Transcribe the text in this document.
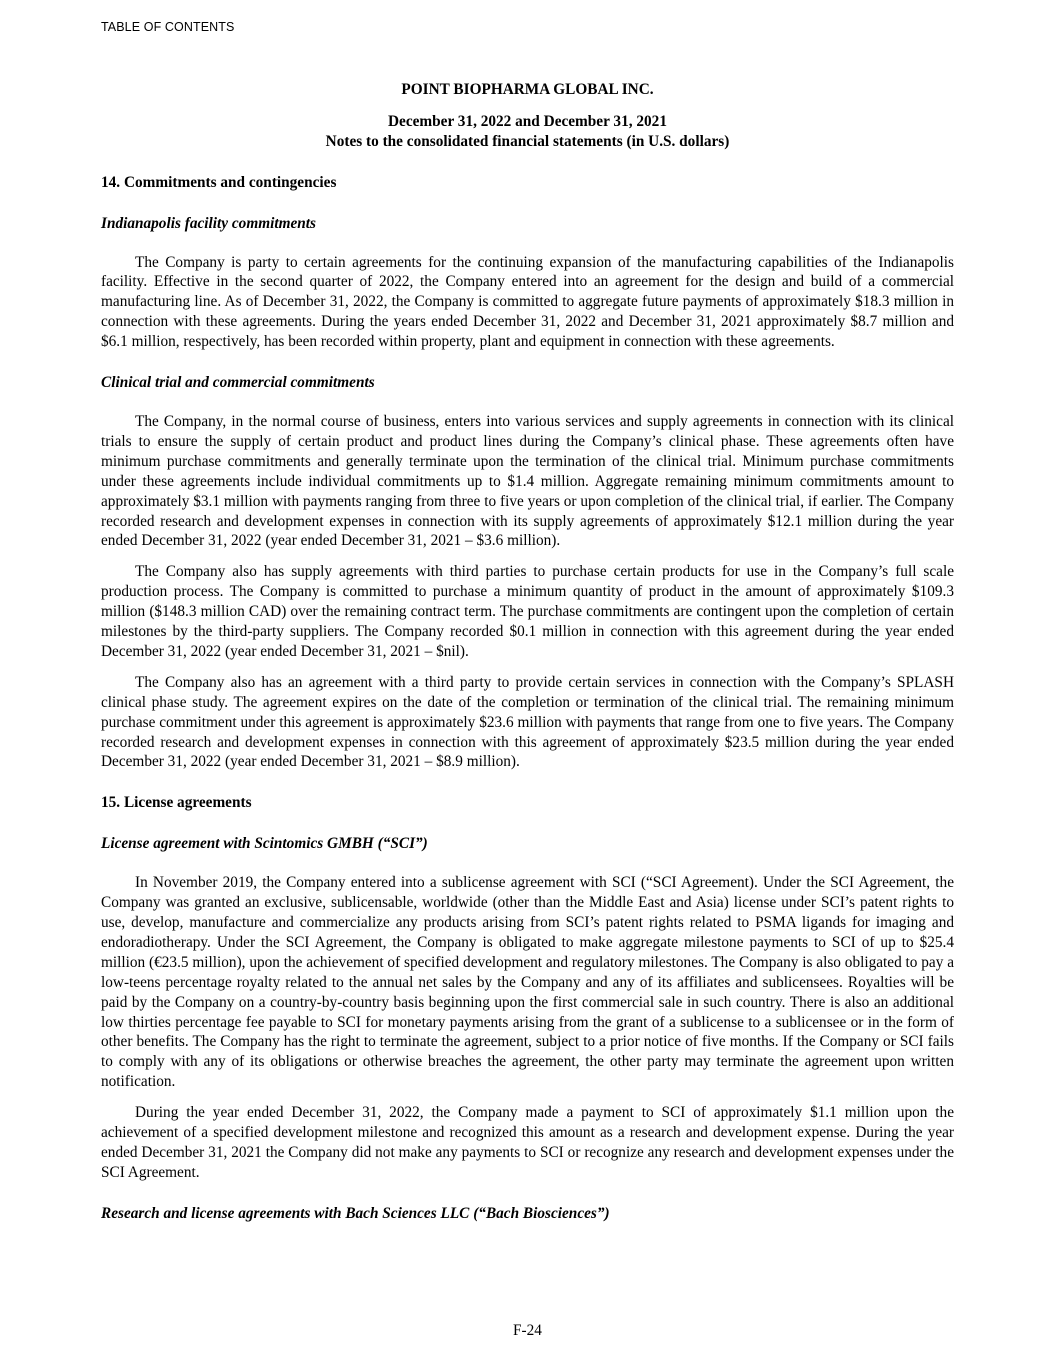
TABLE OF CONTENTS

POINT BIOPHARMA GLOBAL INC.

December 31, 2022 and December 31, 2021

Notes to the consolidated financial statements (in U.S. dollars)

14. Commitments and contingencies

Indianapolis facility commitments

The Company is party to certain agreements for the continuing expansion of the manufacturing capabilities of the Indianapolis facility. Effective in the second quarter of 2022, the Company entered into an agreement for the design and build of a commercial manufacturing line. As of December 31, 2022, the Company is committed to aggregate future payments of approximately $18.3 million in connection with these agreements. During the years ended December 31, 2022 and December 31, 2021 approximately $8.7 million and $6.1 million, respectively, has been recorded within property, plant and equipment in connection with these agreements.

Clinical trial and commercial commitments

The Company, in the normal course of business, enters into various services and supply agreements in connection with its clinical trials to ensure the supply of certain product and product lines during the Company’s clinical phase. These agreements often have minimum purchase commitments and generally terminate upon the termination of the clinical trial. Minimum purchase commitments under these agreements include individual commitments up to $1.4 million. Aggregate remaining minimum commitments amount to approximately $3.1 million with payments ranging from three to five years or upon completion of the clinical trial, if earlier. The Company recorded research and development expenses in connection with its supply agreements of approximately $12.1 million during the year ended December 31, 2022 (year ended December 31, 2021 – $3.6 million).

The Company also has supply agreements with third parties to purchase certain products for use in the Company’s full scale production process. The Company is committed to purchase a minimum quantity of product in the amount of approximately $109.3 million ($148.3 million CAD) over the remaining contract term. The purchase commitments are contingent upon the completion of certain milestones by the third-party suppliers. The Company recorded $0.1 million in connection with this agreement during the year ended December 31, 2022 (year ended December 31, 2021 – $nil).

The Company also has an agreement with a third party to provide certain services in connection with the Company’s SPLASH clinical phase study. The agreement expires on the date of the completion or termination of the clinical trial. The remaining minimum purchase commitment under this agreement is approximately $23.6 million with payments that range from one to five years. The Company recorded research and development expenses in connection with this agreement of approximately $23.5 million during the year ended December 31, 2022 (year ended December 31, 2021 – $8.9 million).

15. License agreements

License agreement with Scintomics GMBH (“SCI”)

In November 2019, the Company entered into a sublicense agreement with SCI (“SCI Agreement). Under the SCI Agreement, the Company was granted an exclusive, sublicensable, worldwide (other than the Middle East and Asia) license under SCI’s patent rights to use, develop, manufacture and commercialize any products arising from SCI’s patent rights related to PSMA ligands for imaging and endoradiotherapy. Under the SCI Agreement, the Company is obligated to make aggregate milestone payments to SCI of up to $25.4 million (€23.5 million), upon the achievement of specified development and regulatory milestones. The Company is also obligated to pay a low-teens percentage royalty related to the annual net sales by the Company and any of its affiliates and sublicensees. Royalties will be paid by the Company on a country-by-country basis beginning upon the first commercial sale in such country. There is also an additional low thirties percentage fee payable to SCI for monetary payments arising from the grant of a sublicense to a sublicensee or in the form of other benefits. The Company has the right to terminate the agreement, subject to a prior notice of five months. If the Company or SCI fails to comply with any of its obligations or otherwise breaches the agreement, the other party may terminate the agreement upon written notification.

During the year ended December 31, 2022, the Company made a payment to SCI of approximately $1.1 million upon the achievement of a specified development milestone and recognized this amount as a research and development expense. During the year ended December 31, 2021 the Company did not make any payments to SCI or recognize any research and development expenses under the SCI Agreement.

Research and license agreements with Bach Sciences LLC (“Bach Biosciences”)

F-24
